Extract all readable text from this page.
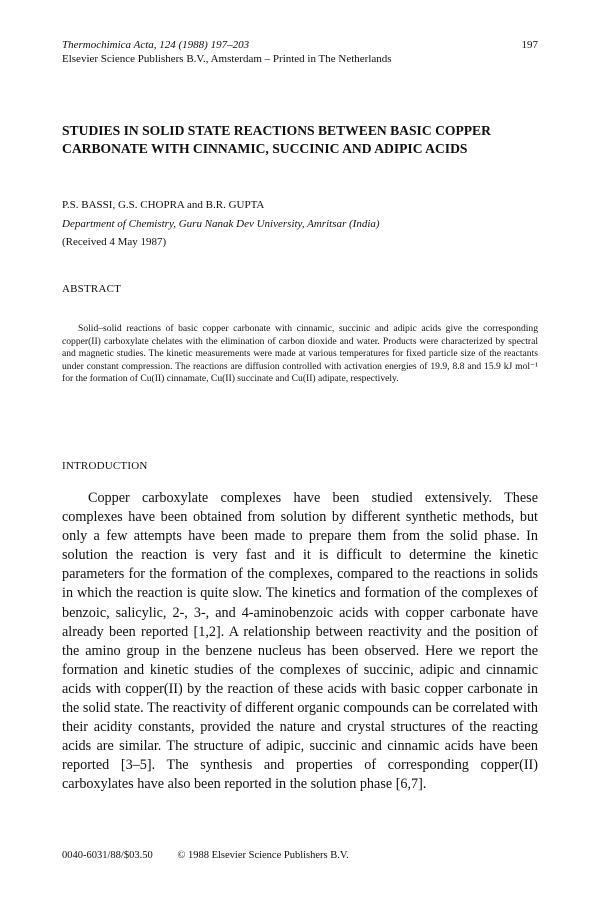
Thermochimica Acta, 124 (1988) 197–203	197
Elsevier Science Publishers B.V., Amsterdam – Printed in The Netherlands
STUDIES IN SOLID STATE REACTIONS BETWEEN BASIC COPPER CARBONATE WITH CINNAMIC, SUCCINIC AND ADIPIC ACIDS
P.S. BASSI, G.S. CHOPRA and B.R. GUPTA
Department of Chemistry, Guru Nanak Dev University, Amritsar (India)
(Received 4 May 1987)
ABSTRACT
Solid–solid reactions of basic copper carbonate with cinnamic, succinic and adipic acids give the corresponding copper(II) carboxylate chelates with the elimination of carbon dioxide and water. Products were characterized by spectral and magnetic studies. The kinetic measurements were made at various temperatures for fixed particle size of the reactants under constant compression. The reactions are diffusion controlled with activation energies of 19.9, 8.8 and 15.9 kJ mol⁻¹ for the formation of Cu(II) cinnamate, Cu(II) succinate and Cu(II) adipate, respectively.
INTRODUCTION
Copper carboxylate complexes have been studied extensively. These complexes have been obtained from solution by different synthetic methods, but only a few attempts have been made to prepare them from the solid phase. In solution the reaction is very fast and it is difficult to determine the kinetic parameters for the formation of the complexes, compared to the reactions in solids in which the reaction is quite slow. The kinetics and formation of the complexes of benzoic, salicylic, 2-, 3-, and 4-aminobenzoic acids with copper carbonate have already been reported [1,2]. A relationship between reactivity and the position of the amino group in the benzene nucleus has been observed. Here we report the formation and kinetic studies of the complexes of succinic, adipic and cinnamic acids with copper(II) by the reaction of these acids with basic copper carbonate in the solid state. The reactivity of different organic compounds can be correlated with their acidity constants, provided the nature and crystal structures of the reacting acids are similar. The structure of adipic, succinic and cinnamic acids have been reported [3–5]. The synthesis and properties of corresponding copper(II) carboxylates have also been reported in the solution phase [6,7].
0040-6031/88/$03.50 © 1988 Elsevier Science Publishers B.V.
